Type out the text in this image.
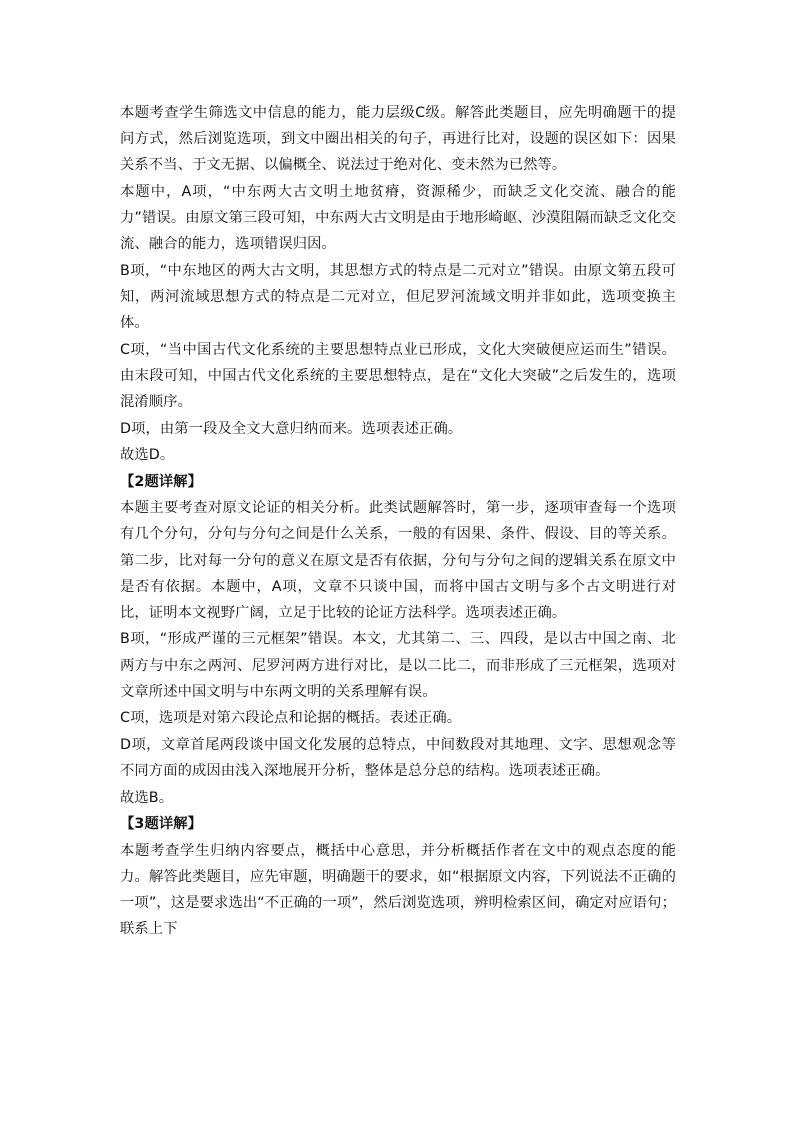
本题考查学生筛选文中信息的能力，能力层级C级。解答此类题目，应先明确题干的提问方式，然后浏览选项，到文中圈出相关的句子，再进行比对，设题的误区如下：因果关系不当、于文无据、以偏概全、说法过于绝对化、变未然为已然等。

本题中，A项，“中东两大古文明土地贫瘠，资源稀少，而缺乏文化交流、融合的能力”错误。由原文第三段可知，中东两大古文明是由于地形崎岖、沙漠阻隔而缺乏文化交流、融合的能力，选项错误归因。

B项，“中东地区的两大古文明，其思想方式的特点是二元对立”错误。由原文第五段可知，两河流域思想方式的特点是二元对立，但尼罗河流域文明并非如此，选项变换主体。

C项，“当中国古代文化系统的主要思想特点业已形成，文化大突破便应运而生”错误。由末段可知，中国古代文化系统的主要思想特点，是在“文化大突破”之后发生的，选项混淆顺序。

D项，由第一段及全文大意归纳而来。选项表述正确。

故选D。

【2题详解】

本题主要考查对原文论证的相关分析。此类试题解答时，第一步，逐项审查每一个选项有几个分句，分句与分句之间是什么关系，一般的有因果、条件、假设、目的等关系。第二步，比对每一分句的意义在原文是否有依据，分句与分句之间的逻辑关系在原文中是否有依据。本题中，A项，文章不只谈中国，而将中国古文明与多个古文明进行对比，证明本文视野广阔，立足于比较的论证方法科学。选项表述正确。

B项，“形成严谨的三元框架”错误。本文，尤其第二、三、四段，是以古中国之南、北两方与中东之两河、尼罗河两方进行对比，是以二比二，而非形成了三元框架，选项对文章所述中国文明与中东两文明的关系理解有误。

C项，选项是对第六段论点和论据的概括。表述正确。

D项，文章首尾两段谈中国文化发展的总特点，中间数段对其地理、文字、思想观念等不同方面的成因由浅入深地展开分析，整体是总分总的结构。选项表述正确。

故选B。

【3题详解】

本题考查学生归纳内容要点，概括中心意思，并分析概括作者在文中的观点态度的能力。解答此类题目，应先审题，明确题干的要求，如“根据原文内容，下列说法不正确的一项”，这是要求选出“不正确的一项”，然后浏览选项，辨明检索区间，确定对应语句；联系上下
